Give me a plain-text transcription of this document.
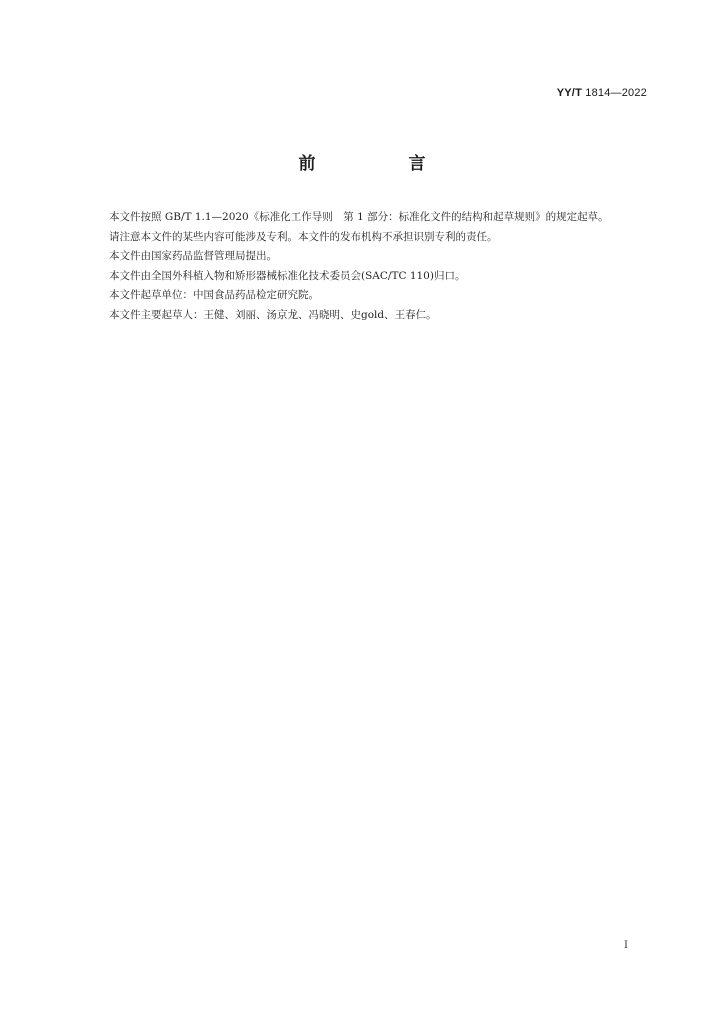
YY/T 1814—2022
前　言

本文件按照 GB/T 1.1—2020《标准化工作导则　第 1 部分：标准化文件的结构和起草规则》的规定起草。

请注意本文件的某些内容可能涉及专利。本文件的发布机构不承担识别专利的责任。

本文件由国家药品监督管理局提出。

本文件由全国外科植入物和矫形器械标准化技术委员会(SAC/TC 110)归口。

本文件起草单位：中国食品药品检定研究院。

本文件主要起草人：王健、刘丽、汤京龙、冯晓明、史gold、王春仁。

I
